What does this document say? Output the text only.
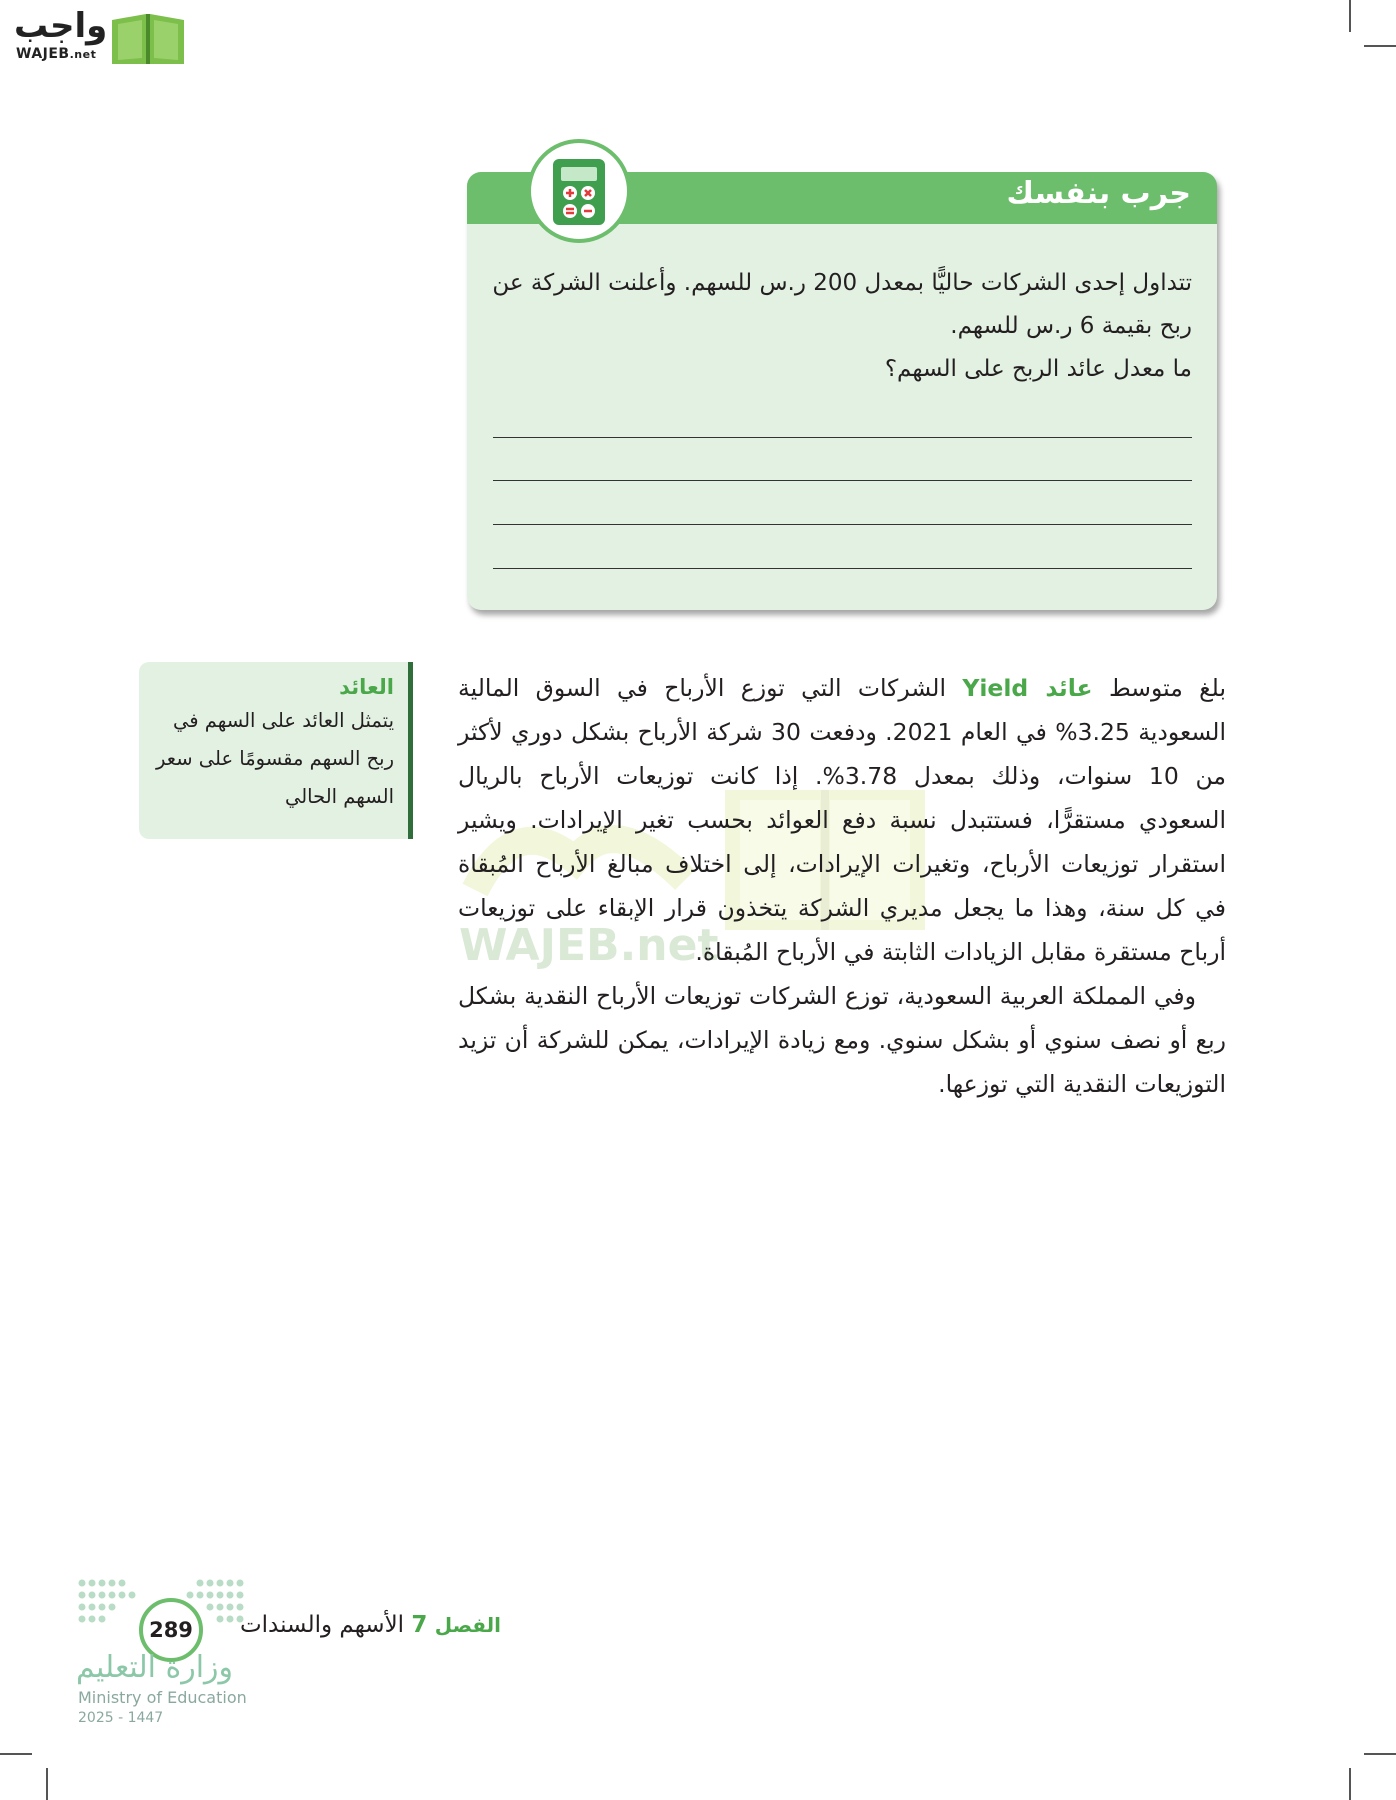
واجب
WAJEB.net
WAJEB.net
جرب بنفسك
تتداول إحدى الشركات حاليًّا بمعدل 200 ر.س للسهم. وأعلنت الشركة عن
ربح بقيمة 6 ر.س للسهم.
ما معدل عائد الربح على السهم؟

بلغ متوسط عائد Yield الشركات التي توزع الأرباح في السوق المالية السعودية 3.25% في العام 2021. ودفعت 30 شركة الأرباح بشكل دوري لأكثر من 10 سنوات، وذلك بمعدل 3.78%. إذا كانت توزيعات الأرباح بالريال السعودي مستقرًّا، فستتبدل نسبة دفع العوائد بحسب تغير الإيرادات. ويشير استقرار توزيعات الأرباح، وتغيرات الإيرادات، إلى اختلاف مبالغ الأرباح المُبقاة في كل سنة، وهذا ما يجعل مديري الشركة يتخذون قرار الإبقاء على توزيعات أرباح مستقرة مقابل الزيادات الثابتة في الأرباح المُبقاة.

وفي المملكة العربية السعودية، توزع الشركات توزيعات الأرباح النقدية بشكل ربع أو نصف سنوي أو بشكل سنوي. ومع زيادة الإيرادات، يمكن للشركة أن تزيد التوزيعات النقدية التي توزعها.

العائد
يتمثل العائد على السهم في ربح السهم مقسومًا على سعر السهم الحالي
289
وزارة التعليم
Ministry of Education
2025 - 1447
الفصل 7 الأسهم والسندات
